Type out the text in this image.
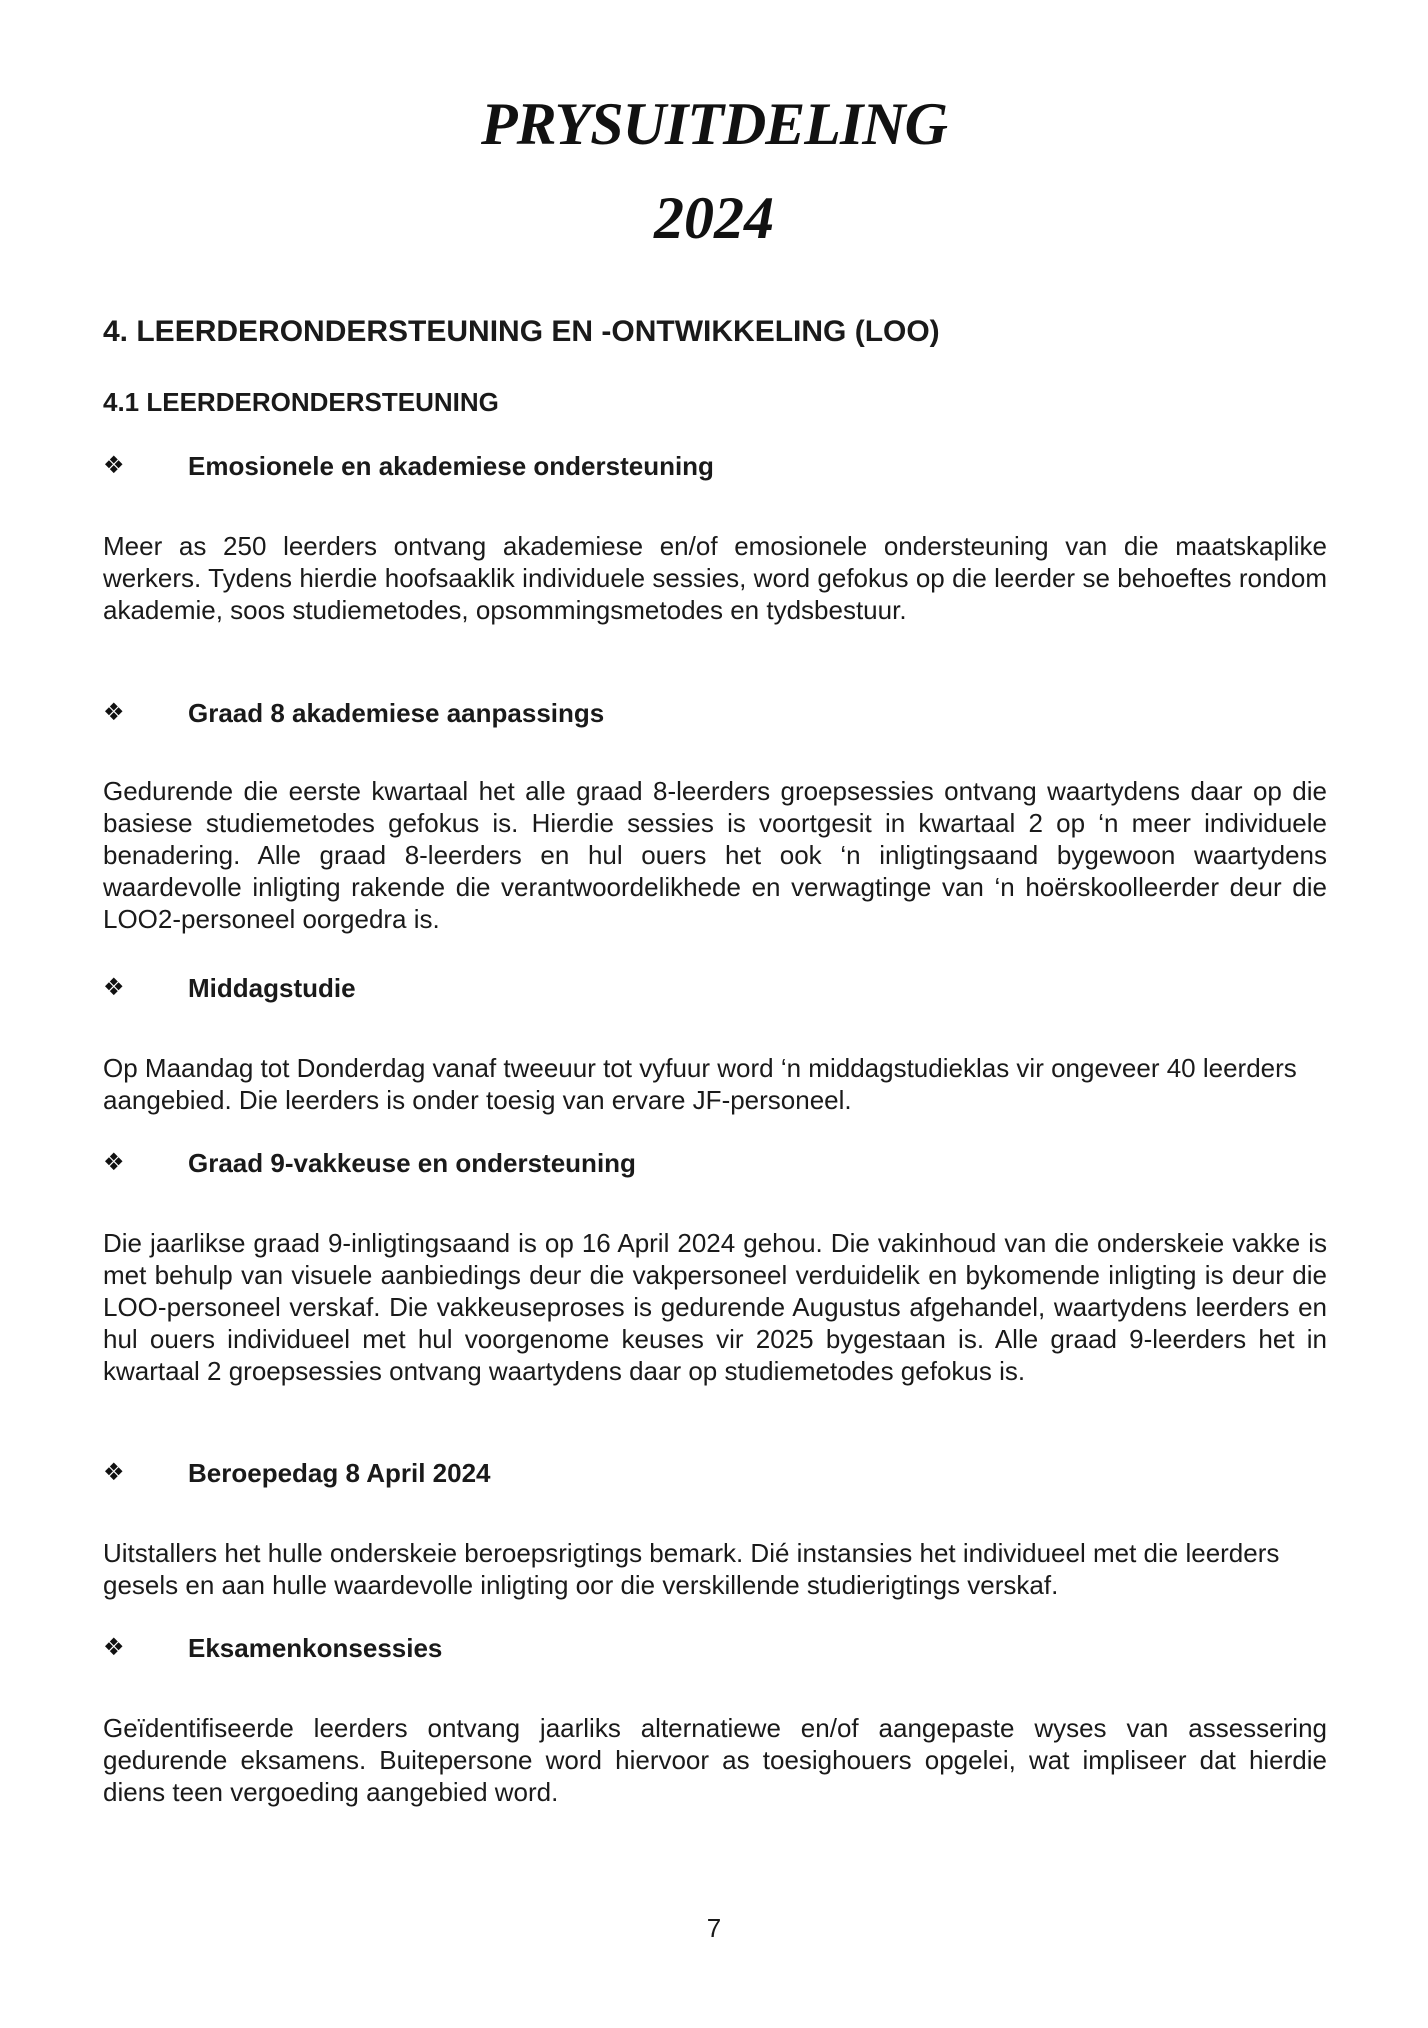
PRYSUITDELING
2024
4. LEERDERONDERSTEUNING EN -ONTWIKKELING (LOO)
4.1 LEERDERONDERSTEUNING
❖	Emosionele en akademiese ondersteuning
Meer as 250 leerders ontvang akademiese en/of emosionele ondersteuning van die maatskaplike werkers. Tydens hierdie hoofsaaklik individuele sessies, word gefokus op die leerder se behoeftes rondom akademie, soos studiemetodes, opsommingsmetodes en tydsbestuur.
❖	Graad 8 akademiese aanpassings
Gedurende die eerste kwartaal het alle graad 8-leerders groepsessies ontvang waartydens daar op die basiese studiemetodes gefokus is. Hierdie sessies is voortgesit in kwartaal 2 op ‘n meer individuele benadering. Alle graad 8-leerders en hul ouers het ook ‘n inligtingsaand bygewoon waartydens waardevolle inligting rakende die verantwoordelikhede en verwagtinge van ‘n hoërskoolleerder deur die LOO2-personeel oorgedra is.
❖	Middagstudie
Op Maandag tot Donderdag vanaf tweeuur tot vyfuur word ‘n middagstudieklas vir ongeveer 40 leerders aangebied. Die leerders is onder toesig van ervare JF-personeel.
❖	Graad 9-vakkeuse en ondersteuning
Die jaarlikse graad 9-inligtingsaand is op 16 April 2024 gehou. Die vakinhoud van die onderskeie vakke is met behulp van visuele aanbiedings deur die vakpersoneel verduidelik en bykomende inligting is deur die LOO-personeel verskaf. Die vakkeuseproses is gedurende Augustus afgehandel, waartydens leerders en hul ouers individueel met hul voorgenome keuses vir 2025 bygestaan is. Alle graad 9-leerders het in kwartaal 2 groepsessies ontvang waartydens daar op studiemetodes gefokus is.
❖	Beroepedag 8 April 2024
Uitstallers het hulle onderskeie beroepsrigtings bemark. Dié instansies het individueel met die leerders gesels en aan hulle waardevolle inligting oor die verskillende studierigtings verskaf.
❖	Eksamenkonsessies
Geïdentifiseerde leerders ontvang jaarliks alternatiewe en/of aangepaste wyses van assessering gedurende eksamens. Buitepersone word hiervoor as toesighouers opgelei, wat impliseer dat hierdie diens teen vergoeding aangebied word.
7
